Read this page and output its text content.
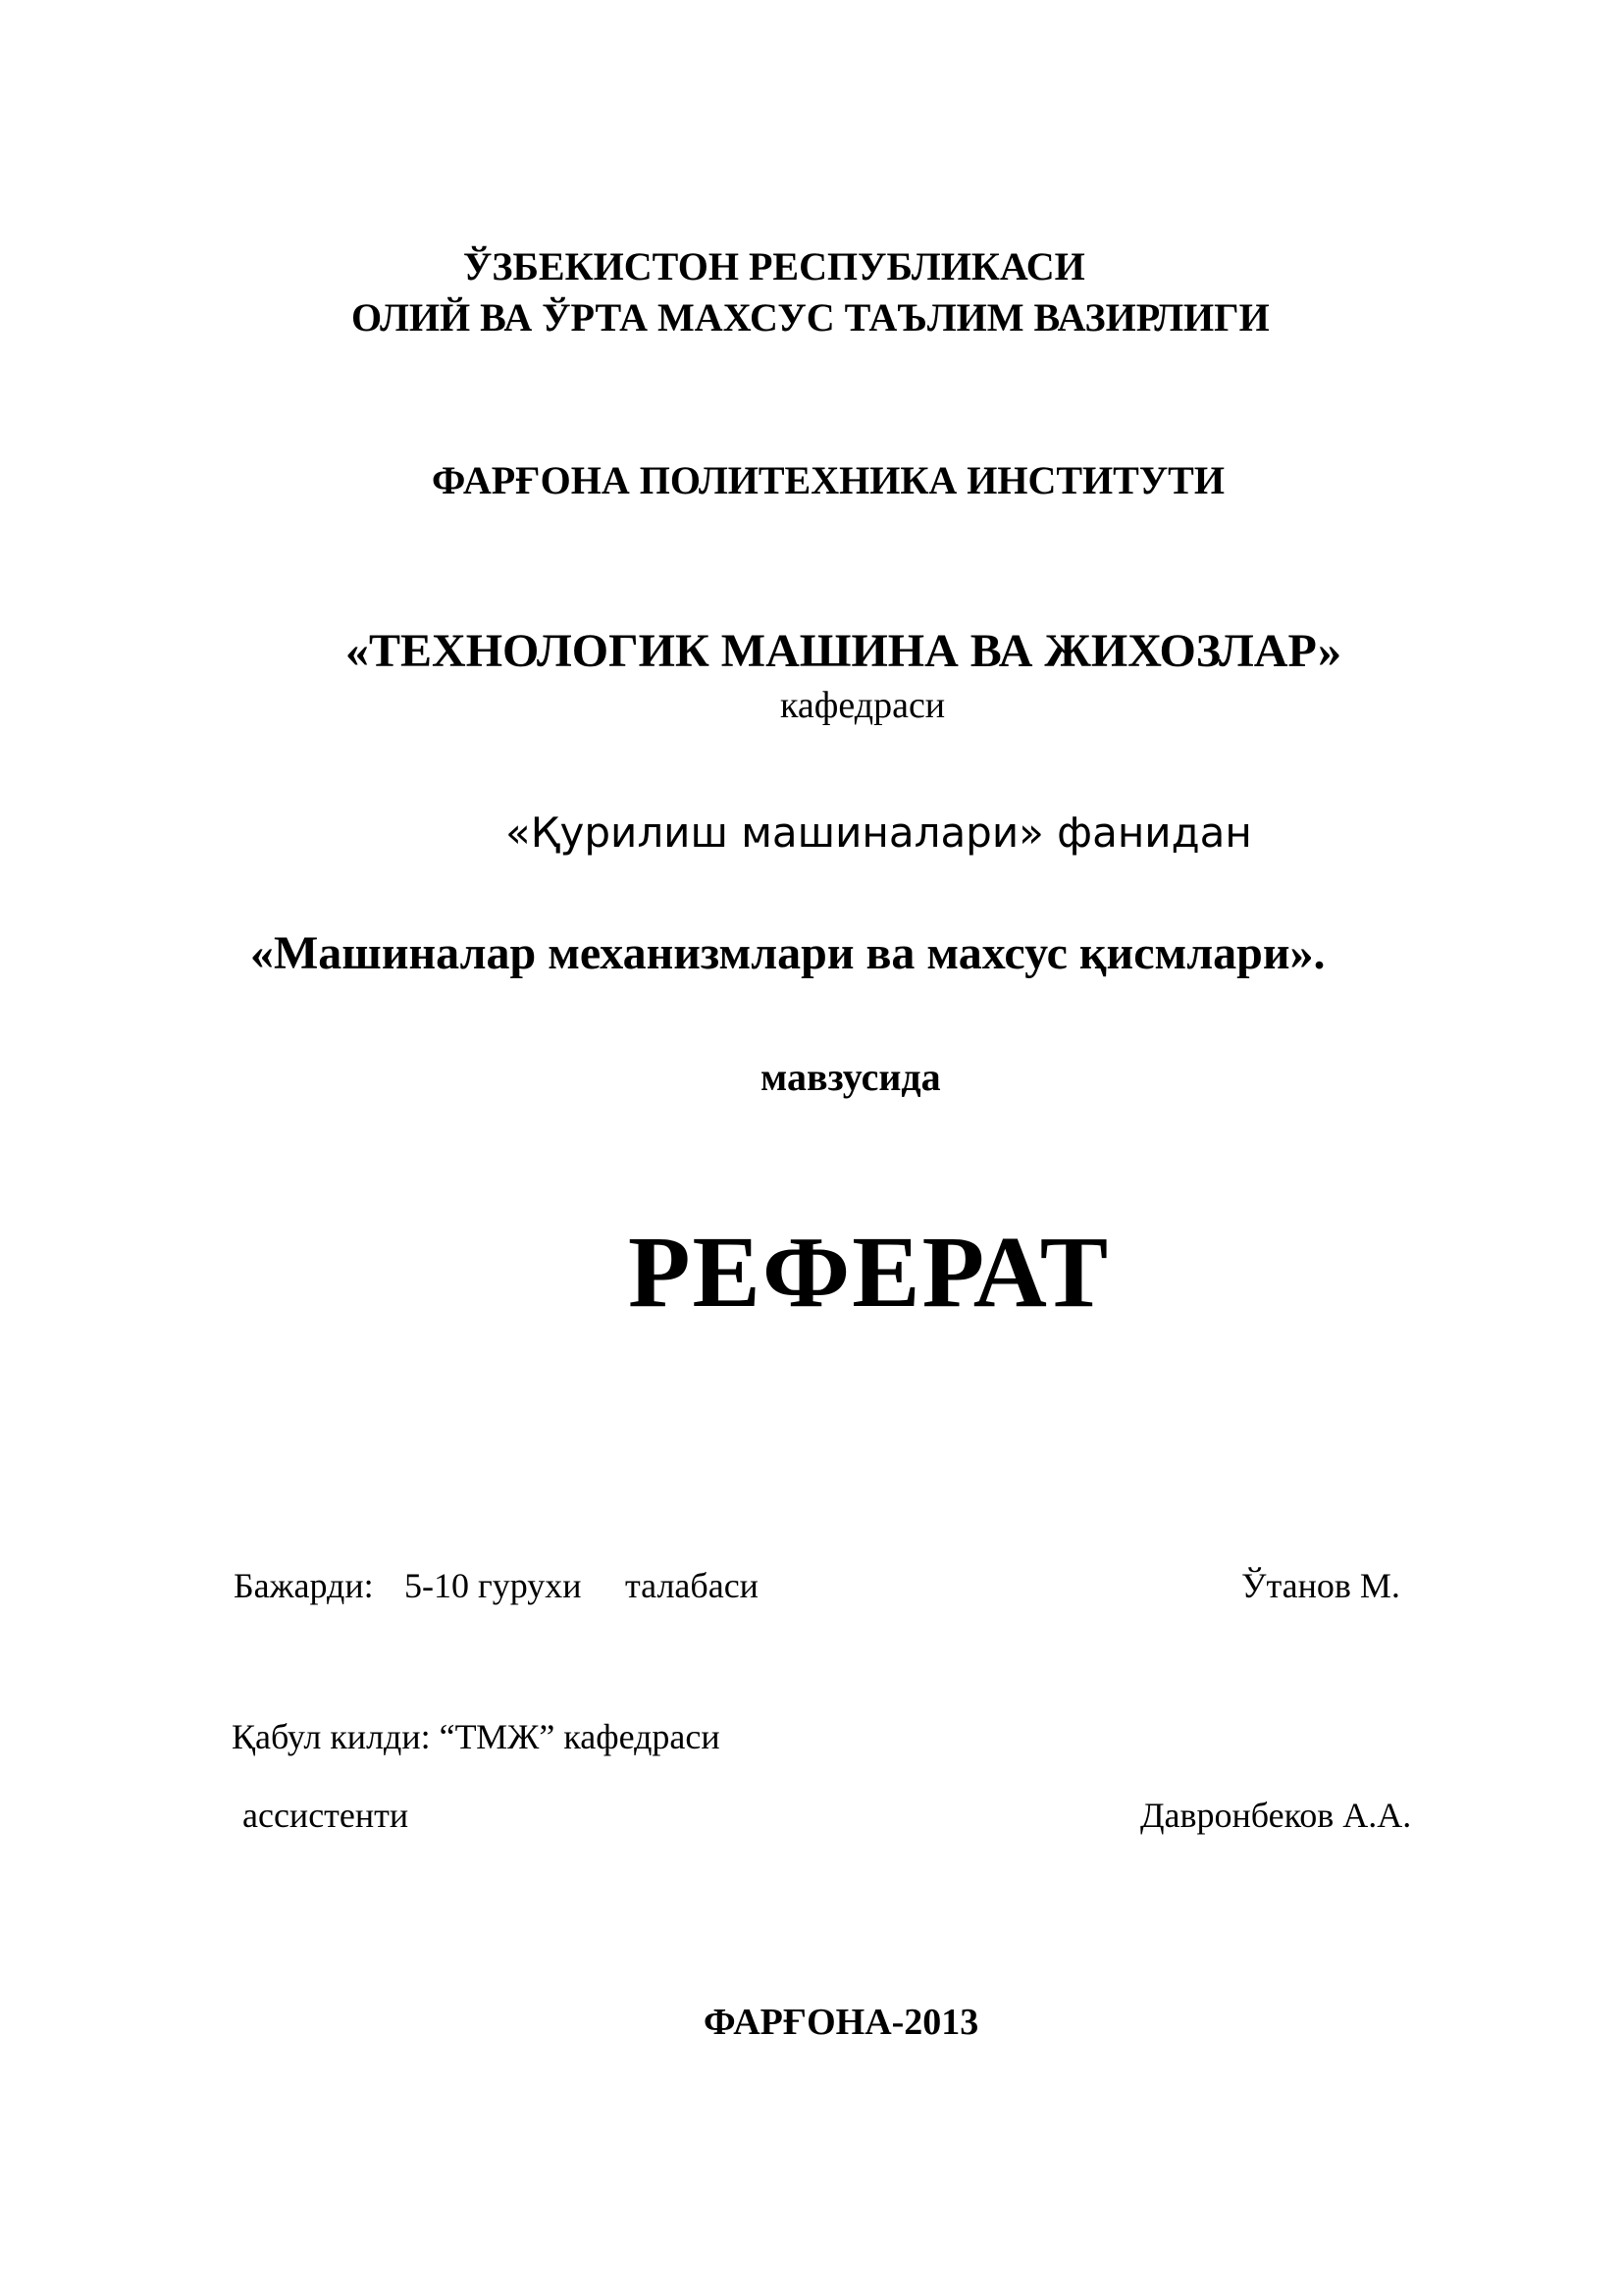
ЎЗБЕКИСТОН РЕСПУБЛИКАСИ
ОЛИЙ ВА ЎРТА МАХСУС ТАЪЛИМ ВАЗИРЛИГИ
ФАРҒОНА ПОЛИТЕХНИКА ИНСТИТУТИ
«ТЕХНОЛОГИК МАШИНА ВА ЖИХОЗЛАР»
кафедраси
«Қурилиш машиналари» фанидан
«Машиналар механизмлари ва махсус қисмлари».
мавзусида
РЕФЕРАТ
Бажарди: 5-10 гурухи талабаси	Ўтанов М.
Қабул килди: “ТМЖ” кафедраси
ассистенти	Давронбеков А.А.
ФАРҒОНА-2013
